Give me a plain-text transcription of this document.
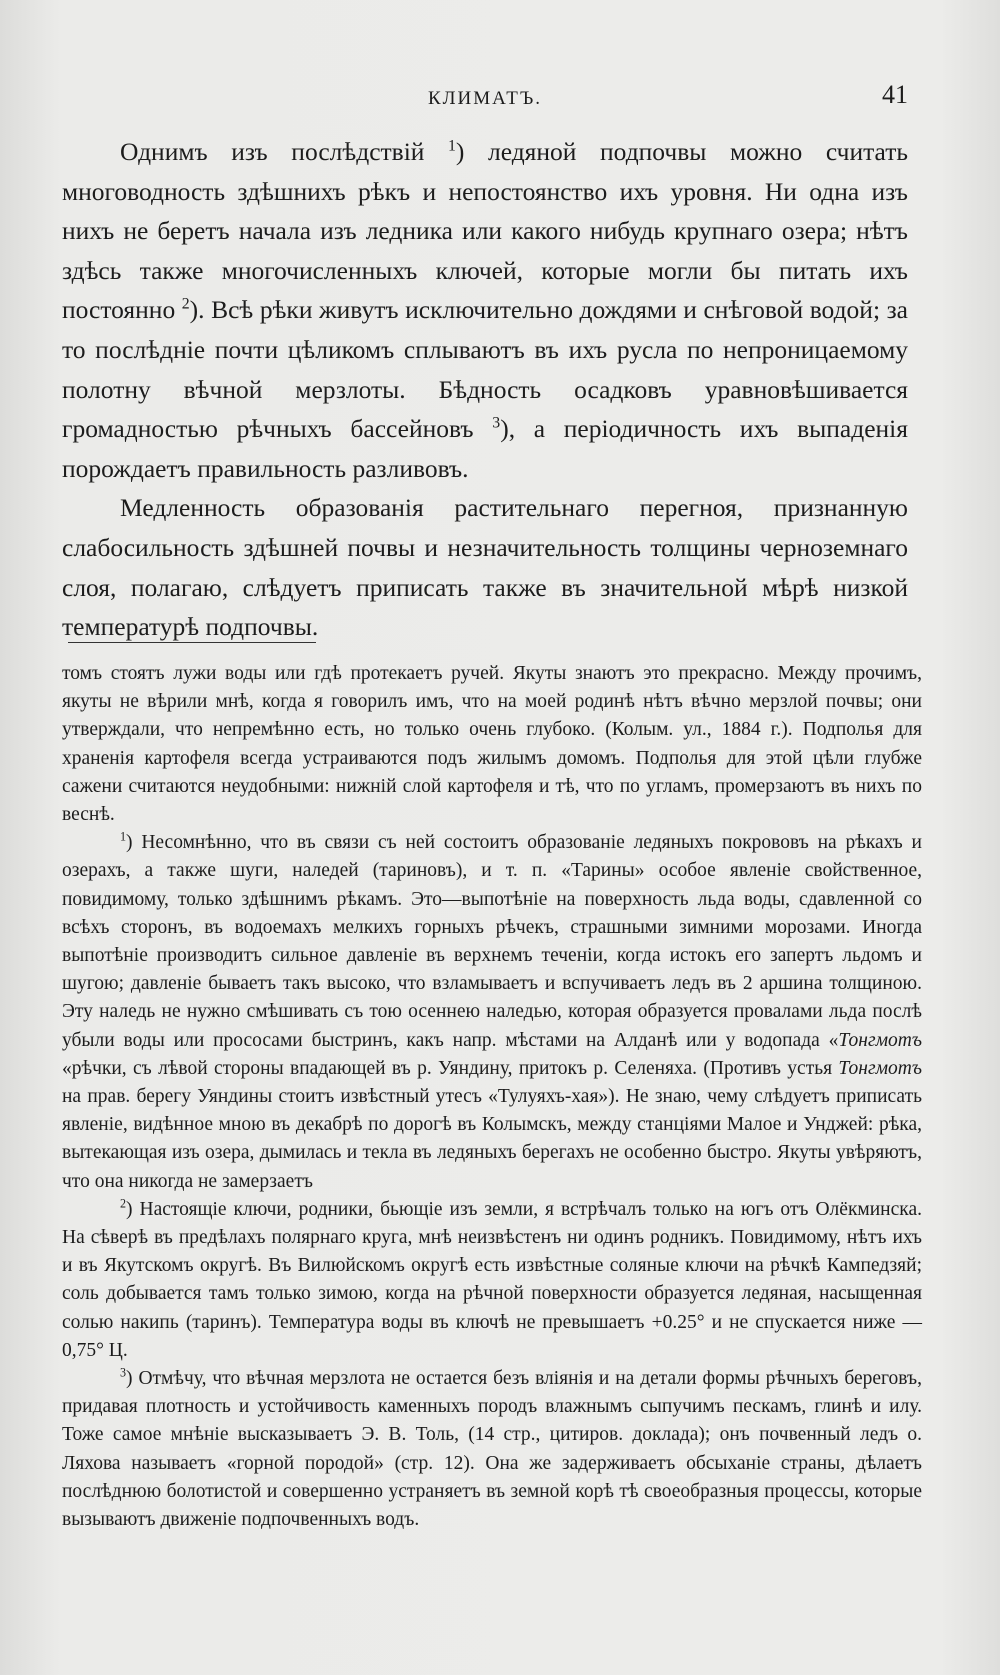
КЛИМАТЪ.	41

Однимъ изъ послѣдствій $^1$) ледяной подпочвы можно считать многоводность здѣшнихъ рѣкъ и непостоянство ихъ уровня. Ни одна изъ нихъ не беретъ начала изъ ледника или какого нибудь крупнаго озера; нѣтъ здѣсь также многочисленныхъ ключей, которые могли бы питать ихъ постоянно $^2$). Всѣ рѣки живутъ исключительно дождями и снѣговой водой; за то послѣдніе почти цѣликомъ сплываютъ въ ихъ русла по непроницаемому полотну вѣчной мерзлоты. Бѣдность осадковъ уравновѣшивается громадностью рѣчныхъ бассейновъ $^3$), а періодичность ихъ выпаденія порождаетъ правильность разливовъ.

Медленность образованія растительнаго перегноя, признанную слабосильность здѣшней почвы и незначительность толщины черноземнаго слоя, полагаю, слѣдуетъ приписать также въ значительной мѣрѣ низкой температурѣ подпочвы.

томъ стоятъ лужи воды или гдѣ протекаетъ ручей. Якуты знаютъ это прекрасно. Между прочимъ, якуты не вѣрили мнѣ, когда я говорилъ имъ, что на моей родинѣ нѣтъ вѣчно мерзлой почвы; они утверждали, что непремѣнно есть, но только очень глубоко. (Колым. ул., 1884 г.). Подполья для храненія картофеля всегда устраиваются подъ жилымъ домомъ. Подполья для этой цѣли глубже сажени считаются неудобными: нижній слой картофеля и тѣ, что по угламъ, промерзаютъ въ нихъ по веснѣ.

$^1$) Несомнѣнно, что въ связи съ ней состоитъ образованіе ледяныхъ покрововъ на рѣкахъ и озерахъ, а также шуги, наледей (тариновъ), и т. п. «Тарины» особое явленіе свойственное, повидимому, только здѣшнимъ рѣкамъ. Это—выпотѣніе на поверхность льда воды, сдавленной со всѣхъ сторонъ, въ водоемахъ мелкихъ горныхъ рѣчекъ, страшными зимними морозами. Иногда выпотѣніе производитъ сильное давленіе въ верхнемъ теченіи, когда истокъ его запертъ льдомъ и шугою; давленіе бываетъ такъ высоко, что взламываетъ и вспучиваетъ ледъ въ 2 аршина толщиною. Эту наледь не нужно смѣшивать съ тою осеннею наледью, которая образуется провалами льда послѣ убыли воды или прососами быстринъ, какъ напр. мѣстами на Алданѣ или у водопада «Тонгмотъ «рѣчки, съ лѣвой стороны впадающей въ р. Уяндину, притокъ р. Селеняха. (Противъ устья Тонгмотъ на прав. берегу Уяндины стоитъ извѣстный утесъ «Тулуяхъ-хая»). Не знаю, чему слѣдуетъ приписать явленіе, видѣнное мною въ декабрѣ по дорогѣ въ Колымскъ, между станціями Малое и Унджей: рѣка, вытекающая изъ озера, дымилась и текла въ ледяныхъ берегахъ не особенно быстро. Якуты увѣряютъ, что она никогда не замерзаетъ

$^2$) Настоящіе ключи, родники, бьющіе изъ земли, я встрѣчалъ только на югъ отъ Олёкминска. На сѣверѣ въ предѣлахъ полярнаго круга, мнѣ неизвѣстенъ ни одинъ родникъ. Повидимому, нѣтъ ихъ и въ Якутскомъ округѣ. Въ Вилюйскомъ округѣ есть извѣстные соляные ключи на рѣчкѣ Кампедзяй; соль добывается тамъ только зимою, когда на рѣчной поверхности образуется ледяная, насыщенная солью накипь (таринъ). Температура воды въ ключѣ не превышаетъ +0.25° и не спускается ниже —0,75° Ц.

$^3$) Отмѣчу, что вѣчная мерзлота не остается безъ вліянія и на детали формы рѣчныхъ береговъ, придавая плотность и устойчивость каменныхъ породъ влажнымъ сыпучимъ пескамъ, глинѣ и илу. Тоже самое мнѣніе высказываетъ Э. В. Толь, (14 стр., цитиров. доклада); онъ почвенный ледъ о. Ляхова называетъ «горной породой» (стр. 12). Она же задерживаетъ обсыханіе страны, дѣлаетъ послѣднюю болотистой и совершенно устраняетъ въ земной корѣ тѣ своеобразныя процессы, которые вызываютъ движеніе подпочвенныхъ водъ.
